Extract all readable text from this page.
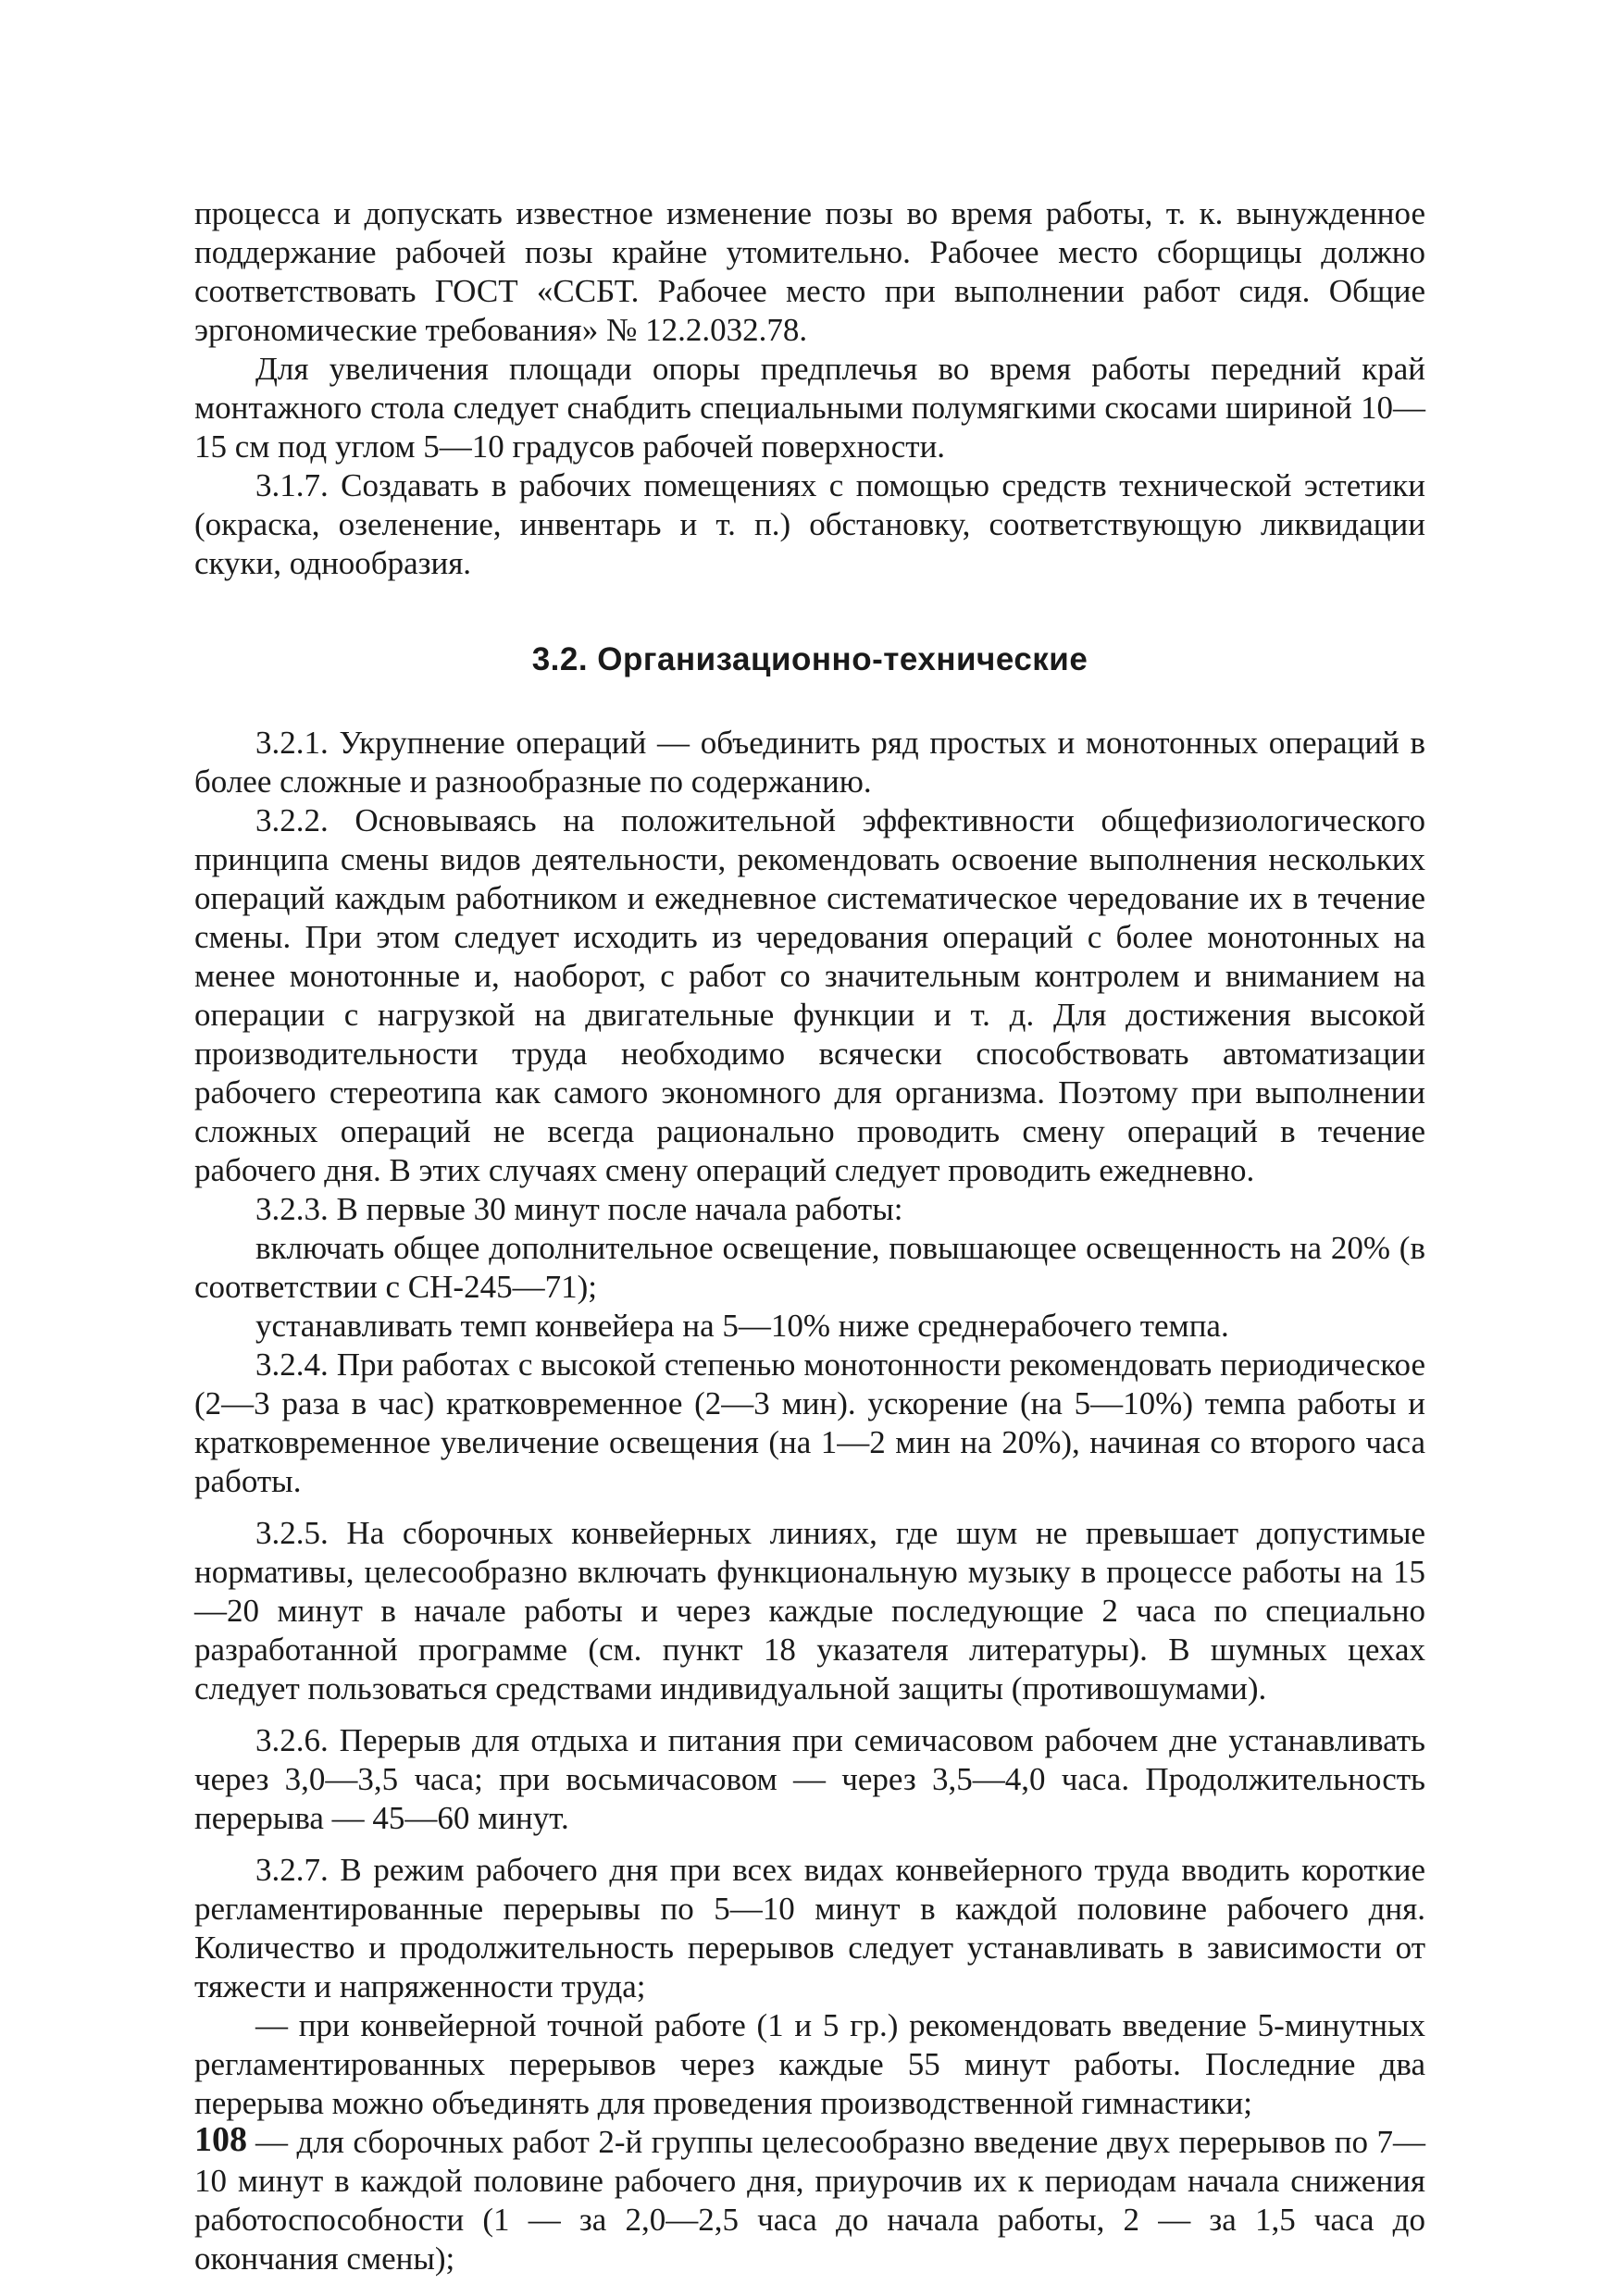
процесса и допускать известное изменение позы во время работы, т. к. вынужденное поддержание рабочей позы крайне утомительно. Рабочее место сборщицы должно соответствовать ГОСТ «ССБТ. Рабочее место при выполнении работ сидя. Общие эргономические требования» № 12.2.032.78.

Для увеличения площади опоры предплечья во время работы передний край монтажного стола следует снабдить специальными полумягкими скосами шириной 10—15 см под углом 5—10 градусов рабочей поверхности.

3.1.7. Создавать в рабочих помещениях с помощью средств технической эстетики (окраска, озеленение, инвентарь и т. п.) обстановку, соответствующую ликвидации скуки, однообразия.

3.2. Организационно-технические

3.2.1. Укрупнение операций — объединить ряд простых и монотонных операций в более сложные и разнообразные по содержанию.

3.2.2. Основываясь на положительной эффективности общефизиологического принципа смены видов деятельности, рекомендовать освоение выполнения нескольких операций каждым работником и ежедневное систематическое чередование их в течение смены. При этом следует исходить из чередования операций с более монотонных на менее монотонные и, наоборот, с работ со значительным контролем и вниманием на операции с нагрузкой на двигательные функции и т. д. Для достижения высокой производительности труда необходимо всячески способствовать автоматизации рабочего стереотипа как самого экономного для организма. Поэтому при выполнении сложных операций не всегда рационально проводить смену операций в течение рабочего дня. В этих случаях смену операций следует проводить ежедневно.

3.2.3. В первые 30 минут после начала работы:

включать общее дополнительное освещение, повышающее освещенность на 20% (в соответствии с СН-245—71);

устанавливать темп конвейера на 5—10% ниже среднерабочего темпа.

3.2.4. При работах с высокой степенью монотонности рекомендовать периодическое (2—3 раза в час) кратковременное (2—3 мин). ускорение (на 5—10%) темпа работы и кратковременное увеличение освещения (на 1—2 мин на 20%), начиная со второго часа работы.

3.2.5. На сборочных конвейерных линиях, где шум не превышает допустимые нормативы, целесообразно включать функциональную музыку в процессе работы на 15—20 минут в начале работы и через каждые последующие 2 часа по специально разработанной программе (см. пункт 18 указателя литературы). В шумных цехах следует пользоваться средствами индивидуальной защиты (противошумами).

3.2.6. Перерыв для отдыха и питания при семичасовом рабочем дне устанавливать через 3,0—3,5 часа; при восьмичасовом — через 3,5—4,0 часа. Продолжительность перерыва — 45—60 минут.

3.2.7. В режим рабочего дня при всех видах конвейерного труда вводить короткие регламентированные перерывы по 5—10 минут в каждой половине рабочего дня. Количество и продолжительность перерывов следует устанавливать в зависимости от тяжести и напряженности труда;

— при конвейерной точной работе (1 и 5 гр.) рекомендовать введение 5-минутных регламентированных перерывов через каждые 55 минут работы. Последние два перерыва можно объединять для проведения производственной гимнастики;

— для сборочных работ 2-й группы целесообразно введение двух перерывов по 7—10 минут в каждой половине рабочего дня, приурочив их к периодам начала снижения работоспособности (1 — за 2,0—2,5 часа до начала работы, 2 — за 1,5 часа до окончания смены);

108
